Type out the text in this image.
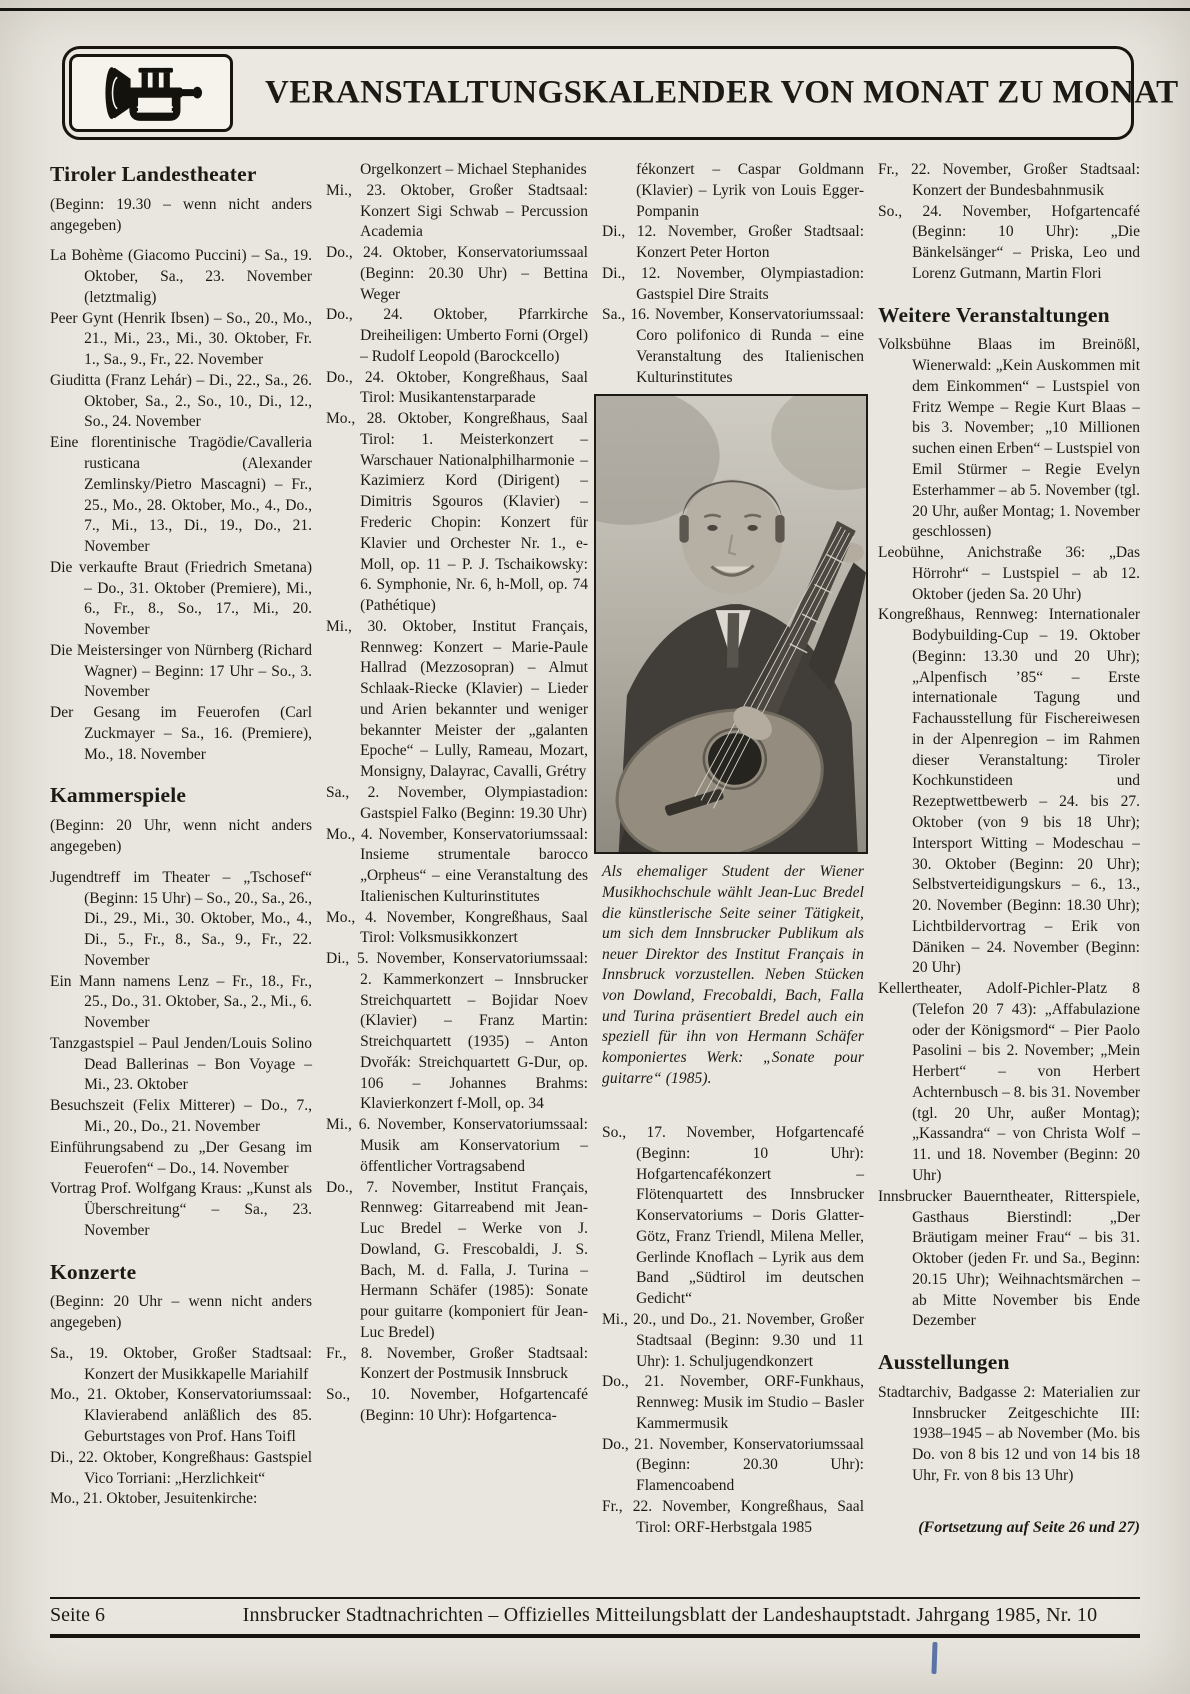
VERANSTALTUNGSKALENDER VON MONAT ZU MONAT
Tiroler Landestheater

(Beginn: 19.30 – wenn nicht anders angegeben)

La Bohème (Giacomo Puccini) – Sa., 19. Oktober, Sa., 23. November (letztmalig)

Peer Gynt (Henrik Ibsen) – So., 20., Mo., 21., Mi., 23., Mi., 30. Oktober, Fr. 1., Sa., 9., Fr., 22. November

Giuditta (Franz Lehár) – Di., 22., Sa., 26. Oktober, Sa., 2., So., 10., Di., 12., So., 24. November

Eine florentinische Tragödie/Cavalleria rusticana (Alexander Zemlinsky/Pietro Mascagni) – Fr., 25., Mo., 28. Oktober, Mo., 4., Do., 7., Mi., 13., Di., 19., Do., 21. November

Die verkaufte Braut (Friedrich Smetana) – Do., 31. Oktober (Premiere), Mi., 6., Fr., 8., So., 17., Mi., 20. November

Die Meistersinger von Nürnberg (Richard Wagner) – Beginn: 17 Uhr – So., 3. November

Der Gesang im Feuerofen (Carl Zuckmayer – Sa., 16. (Premiere), Mo., 18. November

Kammerspiele

(Beginn: 20 Uhr, wenn nicht anders angegeben)

Jugendtreff im Theater – „Tschosef“ (Beginn: 15 Uhr) – So., 20., Sa., 26., Di., 29., Mi., 30. Oktober, Mo., 4., Di., 5., Fr., 8., Sa., 9., Fr., 22. November

Ein Mann namens Lenz – Fr., 18., Fr., 25., Do., 31. Oktober, Sa., 2., Mi., 6. November

Tanzgastspiel – Paul Jenden/Louis Solino Dead Ballerinas – Bon Voyage – Mi., 23. Oktober

Besuchszeit (Felix Mitterer) – Do., 7., Mi., 20., Do., 21. November

Einführungsabend zu „Der Gesang im Feuerofen“ – Do., 14. November

Vortrag Prof. Wolfgang Kraus: „Kunst als Überschreitung“ – Sa., 23. November

Konzerte

(Beginn: 20 Uhr – wenn nicht anders angegeben)

Sa., 19. Oktober, Großer Stadtsaal: Konzert der Musikkapelle Mariahilf

Mo., 21. Oktober, Konservatoriumssaal: Klavierabend anläßlich des 85. Geburtstages von Prof. Hans Toifl

Di., 22. Oktober, Kongreßhaus: Gastspiel Vico Torriani: „Herzlichkeit“

Mo., 21. Oktober, Jesuitenkirche:

Orgelkonzert – Michael Stephanides

Mi., 23. Oktober, Großer Stadtsaal: Konzert Sigi Schwab – Percussion Academia

Do., 24. Oktober, Konservatoriumssaal (Beginn: 20.30 Uhr) – Bettina Weger

Do., 24. Oktober, Pfarrkirche Dreiheiligen: Umberto Forni (Orgel) – Rudolf Leopold (Barockcello)

Do., 24. Oktober, Kongreßhaus, Saal Tirol: Musikantenstarparade

Mo., 28. Oktober, Kongreßhaus, Saal Tirol: 1. Meisterkonzert – Warschauer Nationalphilharmonie – Kazimierz Kord (Dirigent) – Dimitris Sgouros (Klavier) – Frederic Chopin: Konzert für Klavier und Orchester Nr. 1., e-Moll, op. 11 – P. J. Tschaikowsky: 6. Symphonie, Nr. 6, h-Moll, op. 74 (Pathétique)

Mi., 30. Oktober, Institut Français, Rennweg: Konzert – Marie-Paule Hallrad (Mezzosopran) – Almut Schlaak-Riecke (Klavier) – Lieder und Arien bekannter und weniger bekannter Meister der „galanten Epoche“ – Lully, Rameau, Mozart, Monsigny, Dalayrac, Cavalli, Grétry

Sa., 2. November, Olympiastadion: Gastspiel Falko (Beginn: 19.30 Uhr)

Mo., 4. November, Konservatoriumssaal: Insieme strumentale barocco „Orpheus“ – eine Veranstaltung des Italienischen Kulturinstitutes

Mo., 4. November, Kongreßhaus, Saal Tirol: Volksmusikkonzert

Di., 5. November, Konservatoriumssaal: 2. Kammerkonzert – Innsbrucker Streichquartett – Bojidar Noev (Klavier) – Franz Martin: Streichquartett (1935) – Anton Dvořák: Streichquartett G-Dur, op. 106 – Johannes Brahms: Klavierkonzert f-Moll, op. 34

Mi., 6. November, Konservatoriumssaal: Musik am Konservatorium – öffentlicher Vortragsabend

Do., 7. November, Institut Français, Rennweg: Gitarreabend mit Jean-Luc Bredel – Werke von J. Dowland, G. Frescobaldi, J. S. Bach, M. d. Falla, J. Turina – Hermann Schäfer (1985): Sonate pour guitarre (komponiert für Jean-Luc Bredel)

Fr., 8. November, Großer Stadtsaal: Konzert der Postmusik Innsbruck

So., 10. November, Hofgartencafé (Beginn: 10 Uhr): Hofgartenca-

fékonzert – Caspar Goldmann (Klavier) – Lyrik von Louis Egger-Pompanin

Di., 12. November, Großer Stadtsaal: Konzert Peter Horton

Di., 12. November, Olympiastadion: Gastspiel Dire Straits

Sa., 16. November, Konservatoriumssaal: Coro polifonico di Runda – eine Veranstaltung des Italienischen Kulturinstitutes

Als ehemaliger Student der Wiener Musikhochschule wählt Jean-Luc Bredel die künstlerische Seite seiner Tätigkeit, um sich dem Innsbrucker Publikum als neuer Direktor des Institut Français in Innsbruck vorzustellen. Neben Stücken von Dowland, Frecobaldi, Bach, Falla und Turina präsentiert Bredel auch ein speziell für ihn von Hermann Schäfer komponiertes Werk: „Sonate pour guitarre“ (1985).

So., 17. November, Hofgartencafé (Beginn: 10 Uhr): Hofgartencafékonzert – Flötenquartett des Innsbrucker Konservatoriums – Doris Glatter-Götz, Franz Triendl, Milena Meller, Gerlinde Knoflach – Lyrik aus dem Band „Südtirol im deutschen Gedicht“

Mi., 20., und Do., 21. November, Großer Stadtsaal (Beginn: 9.30 und 11 Uhr): 1. Schuljugendkonzert

Do., 21. November, ORF-Funkhaus, Rennweg: Musik im Studio – Basler Kammermusik

Do., 21. November, Konservatoriumssaal (Beginn: 20.30 Uhr): Flamencoabend

Fr., 22. November, Kongreßhaus, Saal Tirol: ORF-Herbstgala 1985

Fr., 22. November, Großer Stadtsaal: Konzert der Bundesbahnmusik

So., 24. November, Hofgartencafé (Beginn: 10 Uhr): „Die Bänkelsänger“ – Priska, Leo und Lorenz Gutmann, Martin Flori

Weitere Veranstaltungen

Volksbühne Blaas im Breinößl, Wienerwald: „Kein Auskommen mit dem Einkommen“ – Lustspiel von Fritz Wempe – Regie Kurt Blaas – bis 3. November; „10 Millionen suchen einen Erben“ – Lustspiel von Emil Stürmer – Regie Evelyn Esterhammer – ab 5. November (tgl. 20 Uhr, außer Montag; 1. November geschlossen)

Leobühne, Anichstraße 36: „Das Hörrohr“ – Lustspiel – ab 12. Oktober (jeden Sa. 20 Uhr)

Kongreßhaus, Rennweg: Internationaler Bodybuilding-Cup – 19. Oktober (Beginn: 13.30 und 20 Uhr); „Alpenfisch ’85“ – Erste internationale Tagung und Fachausstellung für Fischereiwesen in der Alpenregion – im Rahmen dieser Veranstaltung: Tiroler Kochkunstideen und Rezeptwettbewerb – 24. bis 27. Oktober (von 9 bis 18 Uhr); Intersport Witting – Modeschau – 30. Oktober (Beginn: 20 Uhr); Selbstverteidigungskurs – 6., 13., 20. November (Beginn: 18.30 Uhr); Lichtbildervortrag – Erik von Däniken – 24. November (Beginn: 20 Uhr)

Kellertheater, Adolf-Pichler-Platz 8 (Telefon 20 7 43): „Affabulazione oder der Königsmord“ – Pier Paolo Pasolini – bis 2. November; „Mein Herbert“ – von Herbert Achternbusch – 8. bis 31. November (tgl. 20 Uhr, außer Montag); „Kassandra“ – von Christa Wolf – 11. und 18. November (Beginn: 20 Uhr)

Innsbrucker Bauerntheater, Ritterspiele, Gasthaus Bierstindl: „Der Bräutigam meiner Frau“ – bis 31. Oktober (jeden Fr. und Sa., Beginn: 20.15 Uhr); Weihnachtsmärchen – ab Mitte November bis Ende Dezember

Ausstellungen

Stadtarchiv, Badgasse 2: Materialien zur Innsbrucker Zeitgeschichte III: 1938–1945 – ab November (Mo. bis Do. von 8 bis 12 und von 14 bis 18 Uhr, Fr. von 8 bis 13 Uhr)

(Fortsetzung auf Seite 26 und 27)

Seite 6	Innsbrucker Stadtnachrichten – Offizielles Mitteilungsblatt der Landeshauptstadt. Jahrgang 1985, Nr. 10
